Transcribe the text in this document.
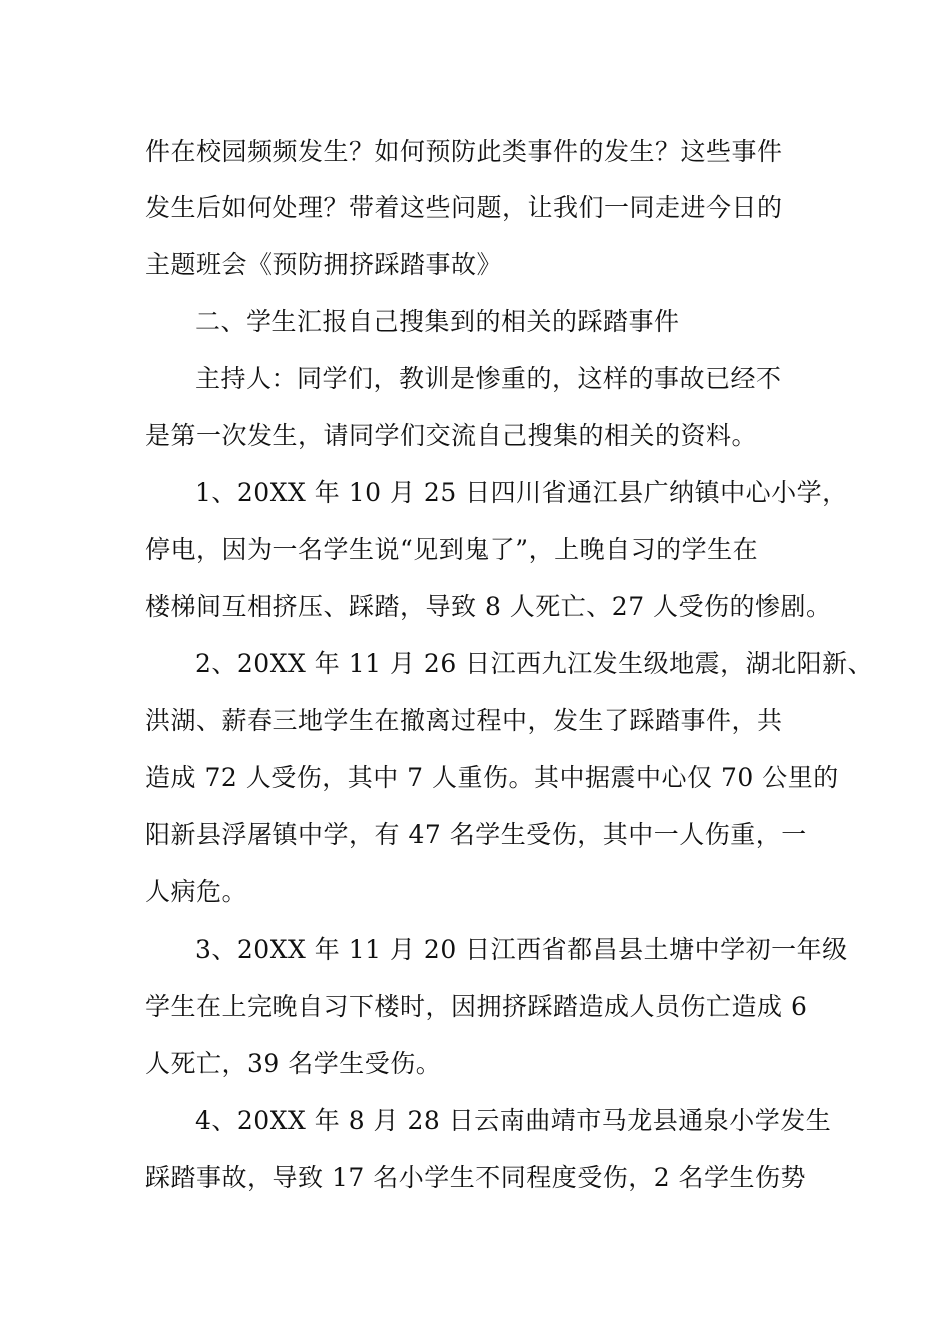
件在校园频频发生？如何预防此类事件的发生？这些事件
发生后如何处理？带着这些问题，让我们一同走进今日的
主题班会《预防拥挤踩踏事故》
二、学生汇报自己搜集到的相关的踩踏事件
主持人：同学们，教训是惨重的，这样的事故已经不
是第一次发生，请同学们交流自己搜集的相关的资料。
1、20XX 年 10 月 25 日四川省通江县广纳镇中心小学，
停电，因为一名学生说“见到鬼了”，上晚自习的学生在
楼梯间互相挤压、踩踏，导致 8 人死亡、27 人受伤的惨剧。
2、20XX 年 11 月 26 日江西九江发生级地震，湖北阳新、
洪湖、薪春三地学生在撤离过程中，发生了踩踏事件，共
造成 72 人受伤，其中 7 人重伤。其中据震中心仅 70 公里的
阳新县浮屠镇中学，有 47 名学生受伤，其中一人伤重，一
人病危。
3、20XX 年 11 月 20 日江西省都昌县土塘中学初一年级
学生在上完晚自习下楼时，因拥挤踩踏造成人员伤亡造成 6
人死亡，39 名学生受伤。
4、20XX 年 8 月 28 日云南曲靖市马龙县通泉小学发生
踩踏事故，导致 17 名小学生不同程度受伤，2 名学生伤势
